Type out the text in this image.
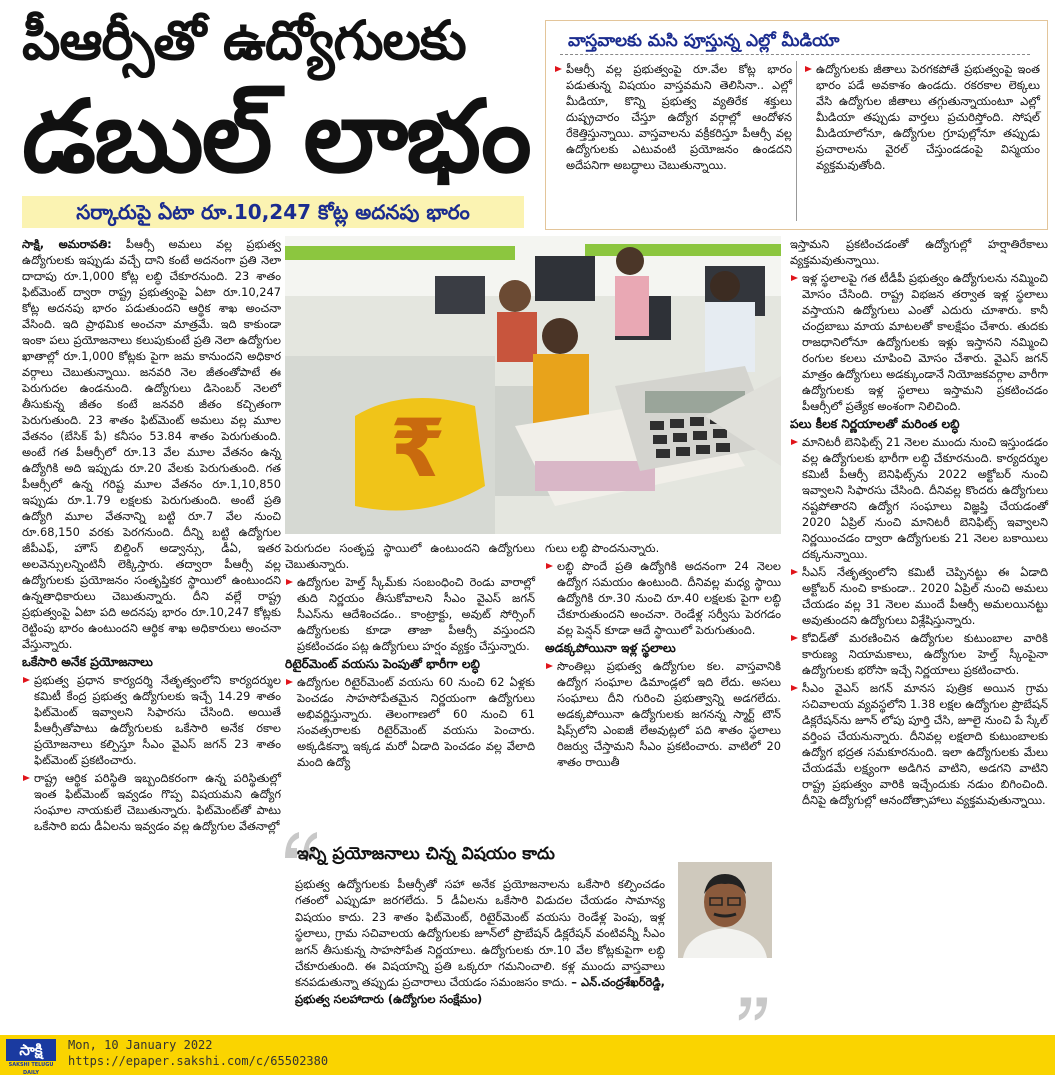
పీఆర్సీతో ఉద్యోగులకు
డబుల్ లాభం
సర్కారుపై ఏటా రూ.10,247 కోట్ల అదనపు భారం
వాస్తవాలకు మసి పూస్తున్న ఎల్లో మీడియా
పీఆర్సీ వల్ల ప్రభుత్వంపై రూ.వేల కోట్ల భారం పడుతున్న విషయం వాస్తవమని తెలిసినా.. ఎల్లో మీడియా, కొన్ని ప్రభుత్వ వ్యతిరేక శక్తులు దుష్ప్రచారం చేస్తూ ఉద్యోగ వర్గాల్లో ఆందోళన రేకెత్తిస్తున్నాయి. వాస్తవాలను వక్రీకరిస్తూ పీఆర్సీ వల్ల ఉద్యోగులకు ఎటువంటి ప్రయోజనం ఉండదని అదేపనిగా అబద్ధాలు చెబుతున్నాయి.
ఉద్యోగులకు జీతాలు పెరగకపోతే ప్రభుత్వంపై ఇంత భారం పడే అవకాశం ఉండదు. రకరకాల లెక్కలు వేసి ఉద్యోగుల జీతాలు తగ్గుతున్నాయంటూ ఎల్లో మీడియా తప్పుడు వార్తలు ప్రచురిస్తోంది. సోషల్ మీడియాలోనూ, ఉద్యోగుల గ్రూపుల్లోనూ తప్పుడు ప్రచారాలను వైరల్ చేస్తుండడంపై విస్మయం వ్యక్తమవుతోంది.
₹

సాక్షి, అమరావతి: పీఆర్సీ అమలు వల్ల ప్రభుత్వ ఉద్యోగులకు ఇప్పుడు వచ్చే దాని కంటే అదనంగా ప్రతి నెలా దాదాపు రూ.1,000 కోట్ల లబ్ధి చేకూరనుంది. 23 శాతం ఫిట్‌మెంట్ ద్వారా రాష్ట్ర ప్రభుత్వంపై ఏటా రూ.10,247 కోట్ల అదనపు భారం పడుతుందని ఆర్థిక శాఖ అంచనా వేసింది. ఇది ప్రాథమిక అంచనా మాత్రమే. ఇది కాకుండా ఇంకా పలు ప్రయోజనాలు కలుపుకుంటే ప్రతి నెలా ఉద్యోగుల ఖాతాల్లో రూ.1,000 కోట్లకు పైగా జమ కానుందని అధికార వర్గాలు చెబుతున్నాయి. జనవరి నెల జీతంతోపాటే ఈ పెరుగుదల ఉండనుంది. ఉద్యోగులు డిసెంబర్ నెలలో తీసుకున్న జీతం కంటే జనవరి జీతం కచ్చితంగా పెరుగుతుంది. 23 శాతం ఫిట్‌మెంట్ అమలు వల్ల మూల వేతనం (బేసిక్ పే) కనీసం 53.84 శాతం పెరుగుతుంది. అంటే గత పీఆర్సీలో రూ.13 వేల మూల వేతనం ఉన్న ఉద్యోగికి అది ఇప్పుడు రూ.20 వేలకు పెరుగుతుంది. గత పీఆర్సీలో ఉన్న గరిష్ట మూల వేతనం రూ.1,10,850 ఇప్పుడు రూ.1.79 లక్షలకు పెరుగుతుంది. అంటే ప్రతి ఉద్యోగి మూల వేతనాన్ని బట్టి రూ.7 వేల నుంచి రూ.68,150 వరకు పెరగనుంది. దీన్ని బట్టి ఉద్యోగుల జీపీఎఫ్, హౌస్ బిల్డింగ్ అడ్వాన్సు, డీఏ, ఇతర అలవెన్సులన్నింటినీ లెక్కిస్తారు. తద్వారా పీఆర్సీ వల్ల ఉద్యోగులకు ప్రయోజనం సంతృప్తికర స్థాయిలో ఉంటుందని ఉన్నతాధికారులు చెబుతున్నారు. దీని వల్లే రాష్ట్ర ప్రభుత్వంపై ఏటా పది అదనపు భారం రూ.10,247 కోట్లకు రెట్టింపు భారం ఉంటుందని ఆర్థిక శాఖ అధికారులు అంచనా వేస్తున్నారు.

ఒకేసారి అనేక ప్రయోజనాలు
ప్రభుత్వ ప్రధాన కార్యదర్శి నేతృత్వంలోని కార్యదర్శుల కమిటీ కేంద్ర ప్రభుత్వ ఉద్యోగులకు ఇచ్చే 14.29 శాతం ఫిట్‌మెంట్ ఇవ్వాలని సిఫారసు చేసింది. అయితే పీఆర్సీతోపాటు ఉద్యోగులకు ఒకేసారి అనేక రకాల ప్రయోజనాలు కల్పిస్తూ సీఎం వైఎస్ జగన్ 23 శాతం ఫిట్‌మెంట్ ప్రకటించారు.
రాష్ట్ర ఆర్థిక పరిస్థితి ఇబ్బందికరంగా ఉన్న పరిస్థితుల్లో ఇంత ఫిట్‌మెంట్ ఇవ్వడం గొప్ప విషయమని ఉద్యోగ సంఘాల నాయకులే చెబుతున్నారు. ఫిట్‌మెంట్‌తో పాటు ఒకేసారి ఐదు డీఏలను ఇవ్వడం వల్ల ఉద్యోగుల వేతనాల్లో

పెరుగుదల సంతృప్త స్థాయిలో ఉంటుందని ఉద్యోగులు చెబుతున్నారు.

ఉద్యోగుల హెల్త్ స్కీమ్‌కు సంబంధించి రెండు వారాల్లో తుది నిర్ణయం తీసుకోవాలని సీఎం వైఎస్ జగన్ సీఎస్‌ను ఆదేశించడం.. కాంట్రాక్టు, అవుట్ సోర్సింగ్ ఉద్యోగులకు కూడా తాజా పీఆర్సీ వస్తుందని ప్రకటించడం పట్ల ఉద్యోగులు హర్షం వ్యక్తం చేస్తున్నారు.
రిటైర్‌మెంట్ వయసు పెంపుతో భారీగా లబ్ధి
ఉద్యోగుల రిటైర్‌మెంట్ వయసు 60 నుంచి 62 ఏళ్లకు పెంచడం సాహసోపేతమైన నిర్ణయంగా ఉద్యోగులు అభివర్ణిస్తున్నారు. తెలంగాణలో 60 నుంచి 61 సంవత్సరాలకు రిటైర్‌మెంట్ వయసు పెంచారు. అక్కడికన్నా ఇక్కడ మరో ఏడాది పెంచడం వల్ల వేలాది మంది ఉద్యో

గులు లబ్ధి పొందనున్నారు.

లబ్ధి పొందే ప్రతి ఉద్యోగికి అదనంగా 24 నెలల ఉద్యోగ సమయం ఉంటుంది. దీనివల్ల మధ్య స్థాయి ఉద్యోగికి రూ.30 నుంచి రూ.40 లక్షలకు పైగా లబ్ధి చేకూరుతుందని అంచనా. రెండేళ్ల సర్వీసు పెరగడం వల్ల పెన్షన్ కూడా ఆదే స్థాయిలో పెరుగుతుంది.
అడక్కపోయినా ఇళ్ల స్థలాలు
సొంతిల్లు ప్రభుత్వ ఉద్యోగుల కల. వాస్తవానికి ఉద్యోగ సంఘాల డిమాండ్లలో ఇది లేదు. అసలు సంఘాలు దీని గురించి ప్రభుత్వాన్ని అడగలేదు. అడక్కపోయినా ఉద్యోగులకు జగనన్న స్మార్ట్ టౌన్ షిప్స్‌లోని ఎంఐజీ లేఅవుట్లలో పది శాతం స్థలాలు రిజర్వు చేస్తామని సీఎం ప్రకటించారు. వాటిలో 20 శాతం రాయితీ

ఇస్తామని ప్రకటించడంతో ఉద్యోగుల్లో హర్షాతిరేకాలు వ్యక్తమవుతున్నాయి.

ఇళ్ల స్థలాలపై గత టీడీపీ ప్రభుత్వం ఉద్యోగులను నమ్మించి మోసం చేసింది. రాష్ట్ర విభజన తర్వాత ఇళ్ల స్థలాలు వస్తాయని ఉద్యోగులు ఎంతో ఎదురు చూశారు. కానీ చంద్రబాబు మాయ మాటలతో కాలక్షేపం చేశారు. తుదకు రాజధానిలోనూ ఉద్యోగులకు ఇళ్లు ఇస్తానని నమ్మించి రంగుల కలలు చూపించి మోసం చేశారు. వైఎస్ జగన్ మాత్రం ఉద్యోగులు అడక్కుండానే నియోజకవర్గాల వారీగా ఉద్యోగులకు ఇళ్ల స్థలాలు ఇస్తామని ప్రకటించడం పీఆర్సీలో ప్రత్యేక అంశంగా నిలిచింది.
పలు కీలక నిర్ణయాలతో మరింత లబ్ధి
మానిటరీ బెనిఫిట్స్ 21 నెలల ముందు నుంచి ఇస్తుండడం వల్ల ఉద్యోగులకు భారీగా లబ్ధి చేకూరనుంది. కార్యదర్శుల కమిటీ పీఆర్సీ బెనిఫిట్స్‌ను 2022 అక్టోబర్ నుంచి ఇవ్వాలని సిఫారసు చేసింది. దీనివల్ల కొందరు ఉద్యోగులు నష్టపోతారని ఉద్యోగ సంఘాలు విజ్ఞప్తి చేయడంతో 2020 ఏప్రిల్ నుంచి మానిటరీ బెనిఫిట్స్ ఇవ్వాలని నిర్ణయించడం ద్వారా ఉద్యోగులకు 21 నెలల బకాయిలు దక్కనున్నాయి.
సీఎస్ నేతృత్వంలోని కమిటీ చెప్పినట్టు ఈ ఏడాది అక్టోబర్ నుంచి కాకుండా.. 2020 ఏప్రిల్ నుంచి అమలు చేయడం వల్ల 31 నెలల ముందే పీఆర్సీ అమలయినట్టు అవుతుందని ఉద్యోగులు విశ్లేషిస్తున్నారు.
కోవిడ్‌తో మరణించిన ఉద్యోగుల కుటుంబాల వారికి కారుణ్య నియామకాలు, ఉద్యోగుల హెల్త్ స్కీంపైనా ఉద్యోగులకు భరోసా ఇచ్చే నిర్ణయాలు ప్రకటించారు.
సీఎం వైఎస్ జగన్ మానస పుత్రిక అయిన గ్రామ సచివాలయ వ్యవస్థలోని 1.38 లక్షల ఉద్యోగుల ప్రొబేషన్ డిక్లరేషన్‌ను జూన్ లోపు పూర్తి చేసి, జూలై నుంచి పే స్కేల్ వర్తింప చేయనున్నారు. దీనివల్ల లక్షలాది కుటుంబాలకు ఉద్యోగ భద్రత సమకూరనుంది. ఇలా ఉద్యోగులకు మేలు చేయడమే లక్ష్యంగా అడిగిన వాటిని, అడగని వాటిని రాష్ట్ర ప్రభుత్వం వారికి ఇచ్చేందుకు నడుం బిగించింది. దీనిపై ఉద్యోగుల్లో ఆనందోత్సాహాలు వ్యక్తమవుతున్నాయి.
ఇన్ని ప్రయోజనాలు చిన్న విషయం కాదు

ప్రభుత్వ ఉద్యోగులకు పీఆర్సీతో సహా అనేక ప్రయోజనాలను ఒకేసారి కల్పించడం గతంలో ఎప్పుడూ జరగలేదు. 5 డీఏలను ఒకేసారి విడుదల చేయడం సామాన్య విషయం కాదు. 23 శాతం ఫిట్‌మెంట్, రిటైర్‌మెంట్ వయసు రెండేళ్ల పెంపు, ఇళ్ల స్థలాలు, గ్రామ సచివాలయ ఉద్యోగులకు జూన్‌లో ప్రొబేషన్ డిక్లరేషన్ వంటివన్నీ సీఎం జగన్ తీసుకున్న సాహసోపేత నిర్ణయాలు. ఉద్యోగులకు రూ.10 వేల కోట్లకుపైగా లబ్ధి చేకూరుతుంది. ఈ విషయాన్ని ప్రతి ఒక్కరూ గమనించాలి. కళ్ల ముందు వాస్తవాలు కనపడుతున్నా తప్పుడు ప్రచారాలు చేయడం సమంజసం కాదు. – ఎన్.చంద్రశేఖర్‌రెడ్డి, ప్రభుత్వ సలహాదారు (ఉద్యోగుల సంక్షేమం)

సాక్షి
SAKSHI TELUGU DAILY
Mon, 10 January 2022
https://epaper.sakshi.com/c/65502380
